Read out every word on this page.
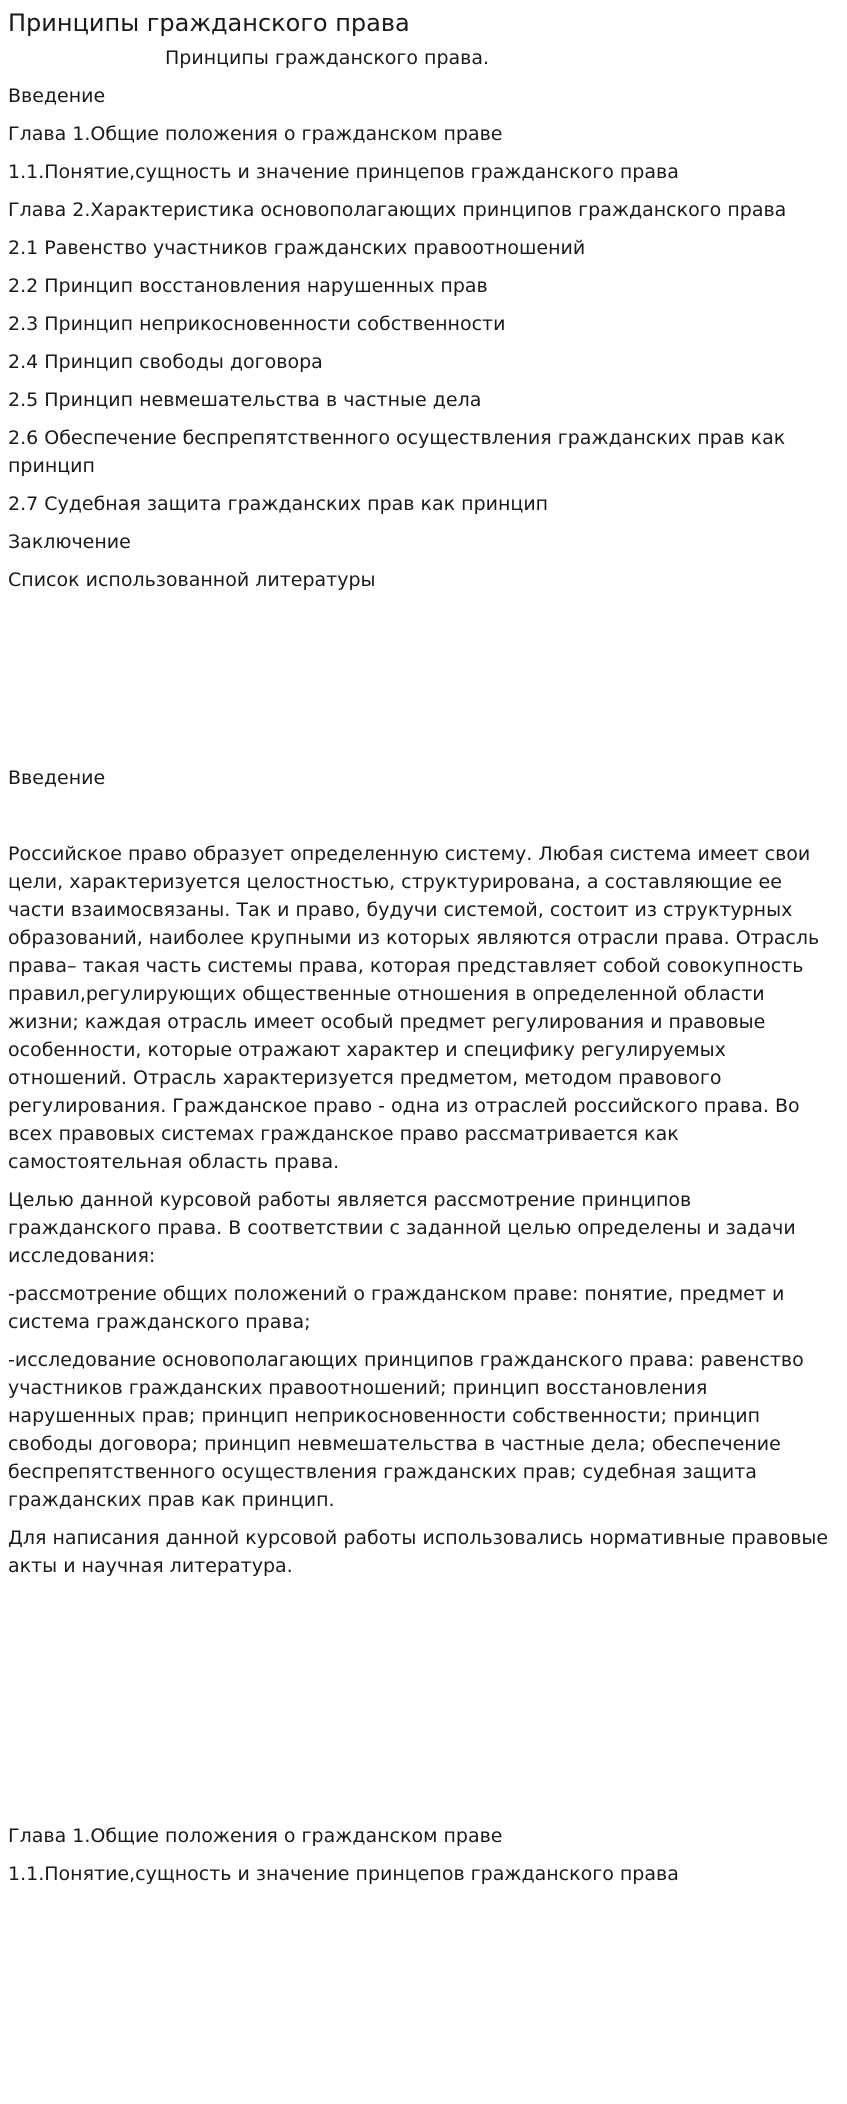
Принципы гражданского права

Принципы гражданского права.

Введение

Глава 1.Общие положения о гражданском праве

1.1.Понятие,сущность и значение принцепов гражданского права

Глава 2.Характеристика основополагающих принципов гражданского права

2.1 Равенство участников гражданских правоотношений

2.2 Принцип восстановления нарушенных прав

2.3 Принцип неприкосновенности собственности

2.4 Принцип свободы договора

2.5 Принцип невмешательства в частные дела

2.6 Обеспечение беспрепятственного осуществления гражданских прав как принцип

2.7 Судебная защита гражданских прав как принцип

Заключение

Список использованной литературы

Введение

Российское право образует определенную систему. Любая система имеет свои цели, характеризуется целостностью, структурирована, а составляющие ее части взаимосвязаны. Так и право, будучи системой, состоит из структурных образований, наиболее крупными из которых являются отрасли права. Отрасль права– такая часть системы права, которая представляет собой совокупность правил,регулирующих общественные отношения в определенной области жизни; каждая отрасль имеет особый предмет регулирования и правовые особенности, которые отражают характер и специфику регулируемых отношений. Отрасль характеризуется предметом, методом правового регулирования. Гражданское право - одна из отраслей российского права. Во всех правовых системах гражданское право рассматривается как самостоятельная область права.

Целью данной курсовой работы является рассмотрение принципов гражданского права. В соответствии с заданной целью определены и задачи исследования:

-рассмотрение общих положений о гражданском праве: понятие, предмет и система гражданского права;

-исследование основополагающих принципов гражданского права: равенство участников гражданских правоотношений; принцип восстановления нарушенных прав; принцип неприкосновенности собственности; принцип свободы договора; принцип невмешательства в частные дела; обеспечение беспрепятственного осуществления гражданских прав; судебная защита гражданских прав как принцип.

Для написания данной курсовой работы использовались нормативные правовые акты и научная литература.

Глава 1.Общие положения о гражданском праве

1.1.Понятие,сущность и значение принцепов гражданского права
